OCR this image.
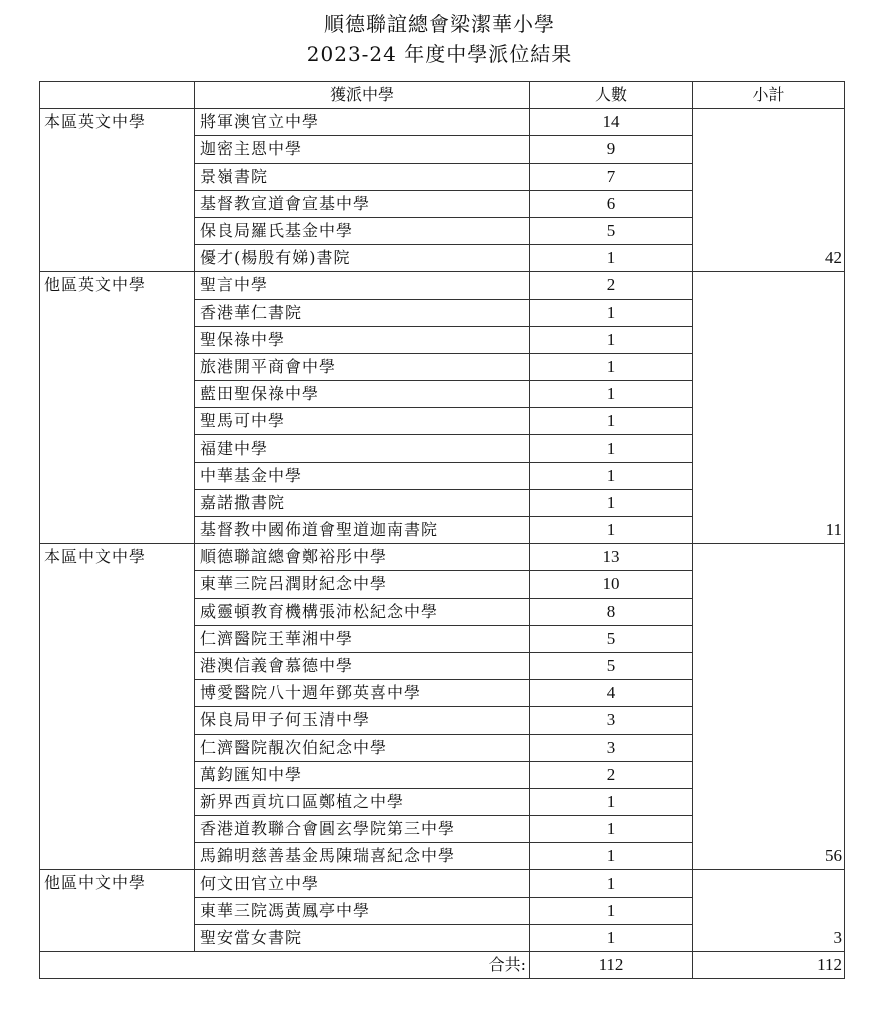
順德聯誼總會梁潔華小學
2023-24 年度中學派位結果
	獲派中學	人數	小計
本區英文中學	將軍澳官立中學	14	42
	迦密主恩中學	9	
	景嶺書院	7	
	基督教宣道會宣基中學	6	
	保良局羅氏基金中學	5	
	優才(楊殷有娣)書院	1	
他區英文中學	聖言中學	2	11
	香港華仁書院	1	
	聖保祿中學	1	
	旅港開平商會中學	1	
	藍田聖保祿中學	1	
	聖馬可中學	1	
	福建中學	1	
	中華基金中學	1	
	嘉諾撒書院	1	
	基督教中國佈道會聖道迦南書院	1	
本區中文中學	順德聯誼總會鄭裕彤中學	13	56
	東華三院呂潤財紀念中學	10	
	威靈頓教育機構張沛松紀念中學	8	
	仁濟醫院王華湘中學	5	
	港澳信義會慕德中學	5	
	博愛醫院八十週年鄧英喜中學	4	
	保良局甲子何玉清中學	3	
	仁濟醫院靚次伯紀念中學	3	
	萬鈞匯知中學	2	
	新界西貢坑口區鄭植之中學	1	
	香港道教聯合會圓玄學院第三中學	1	
	馬錦明慈善基金馬陳瑞喜紀念中學	1	
他區中文中學	何文田官立中學	1	3
	東華三院馮黃鳳亭中學	1	
	聖安當女書院	1	
合共:		112	112
